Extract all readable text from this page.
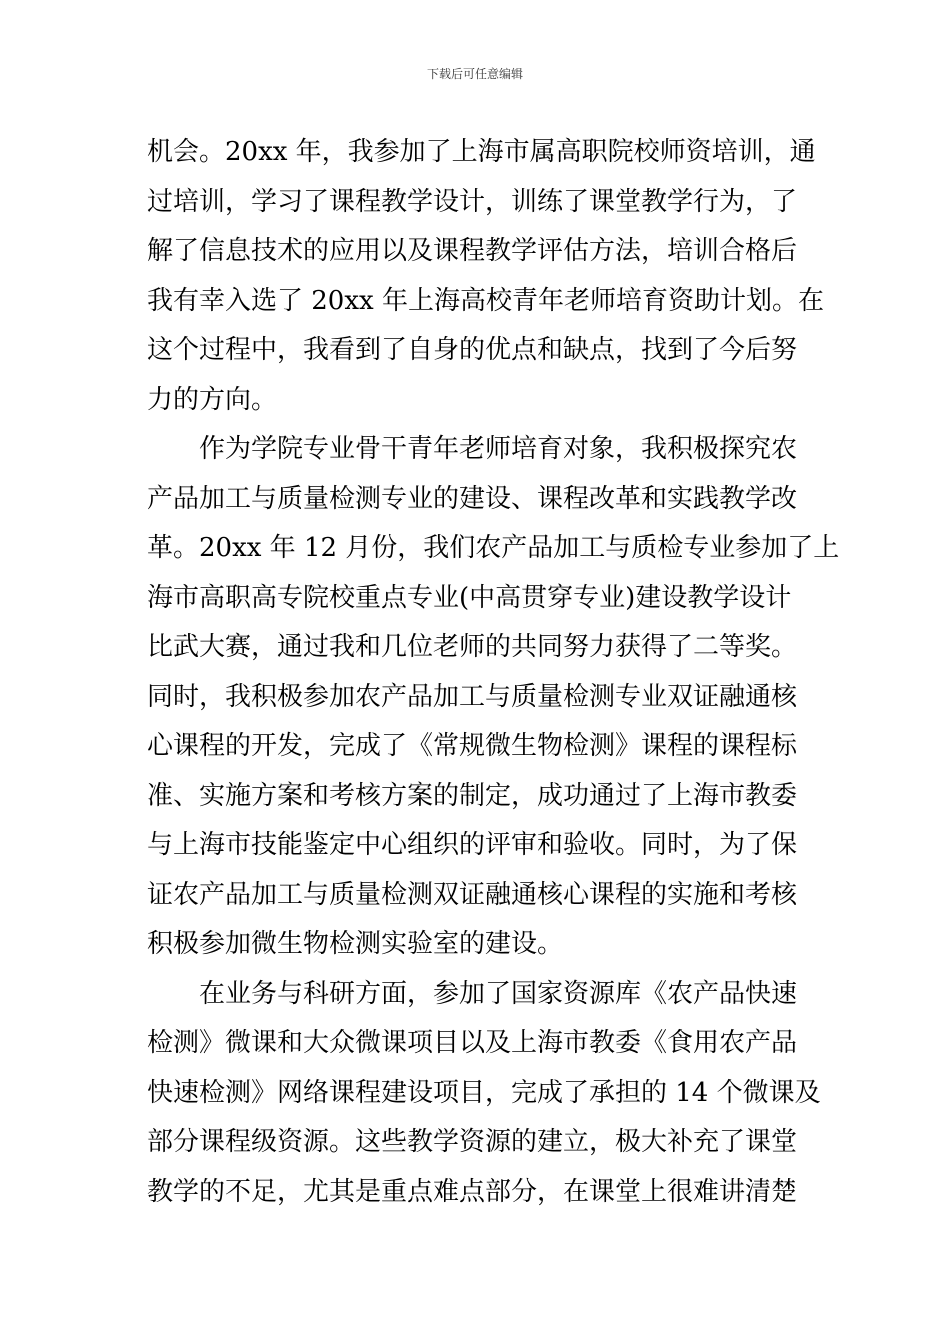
下载后可任意编辑
机会。20xx 年，我参加了上海市属高职院校师资培训，通
过培训，学习了课程教学设计，训练了课堂教学行为，了
解了信息技术的应用以及课程教学评估方法，培训合格后
我有幸入选了 20xx 年上海高校青年老师培育资助计划。在
这个过程中，我看到了自身的优点和缺点，找到了今后努
力的方向。
作为学院专业骨干青年老师培育对象，我积极探究农
产品加工与质量检测专业的建设、课程改革和实践教学改
革。20xx 年 12 月份，我们农产品加工与质检专业参加了上
海市高职高专院校重点专业(中高贯穿专业)建设教学设计
比武大赛，通过我和几位老师的共同努力获得了二等奖。
同时，我积极参加农产品加工与质量检测专业双证融通核
心课程的开发，完成了《常规微生物检测》课程的课程标
准、实施方案和考核方案的制定，成功通过了上海市教委
与上海市技能鉴定中心组织的评审和验收。同时，为了保
证农产品加工与质量检测双证融通核心课程的实施和考核
积极参加微生物检测实验室的建设。
在业务与科研方面，参加了国家资源库《农产品快速
检测》微课和大众微课项目以及上海市教委《食用农产品
快速检测》网络课程建设项目，完成了承担的 14 个微课及
部分课程级资源。这些教学资源的建立，极大补充了课堂
教学的不足，尤其是重点难点部分，在课堂上很难讲清楚
